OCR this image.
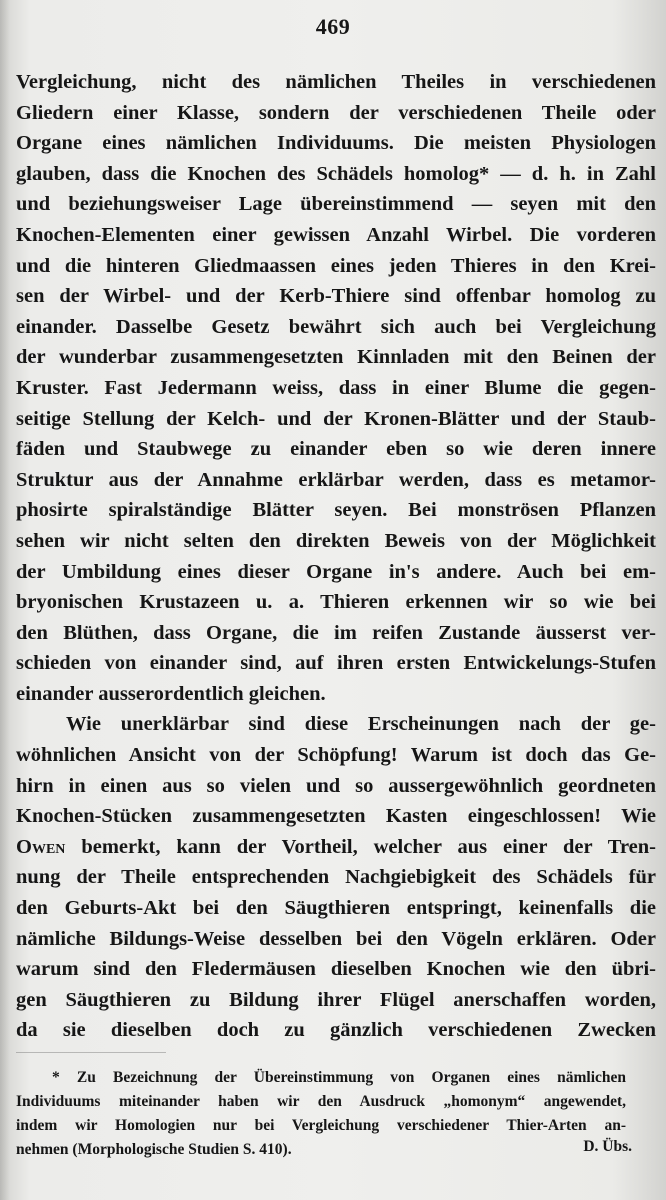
469
Vergleichung, nicht des nämlichen Theiles in verschiedenen
Gliedern einer Klasse, sondern der verschiedenen Theile oder
Organe eines nämlichen Individuums. Die meisten Physiologen
glauben, dass die Knochen des Schädels homolog* — d. h. in Zahl
und beziehungsweiser Lage übereinstimmend — seyen mit den
Knochen-Elementen einer gewissen Anzahl Wirbel. Die vorderen
und die hinteren Gliedmaassen eines jeden Thieres in den Krei-
sen der Wirbel- und der Kerb-Thiere sind offenbar homolog zu
einander. Dasselbe Gesetz bewährt sich auch bei Vergleichung
der wunderbar zusammengesetzten Kinnladen mit den Beinen der
Kruster. Fast Jedermann weiss, dass in einer Blume die gegen-
seitige Stellung der Kelch- und der Kronen-Blätter und der Staub-
fäden und Staubwege zu einander eben so wie deren innere
Struktur aus der Annahme erklärbar werden, dass es metamor-
phosirte spiralständige Blätter seyen. Bei monströsen Pflanzen
sehen wir nicht selten den direkten Beweis von der Möglichkeit
der Umbildung eines dieser Organe in's andere. Auch bei em-
bryonischen Krustazeen u. a. Thieren erkennen wir so wie bei
den Blüthen, dass Organe, die im reifen Zustande äusserst ver-
schieden von einander sind, auf ihren ersten Entwickelungs-Stufen
einander ausserordentlich gleichen.
Wie unerklärbar sind diese Erscheinungen nach der ge-
wöhnlichen Ansicht von der Schöpfung! Warum ist doch das Ge-
hirn in einen aus so vielen und so aussergewöhnlich geordneten
Knochen-Stücken zusammengesetzten Kasten eingeschlossen! Wie
Owen bemerkt, kann der Vortheil, welcher aus einer der Tren-
nung der Theile entsprechenden Nachgiebigkeit des Schädels für
den Geburts-Akt bei den Säugthieren entspringt, keinenfalls die
nämliche Bildungs-Weise desselben bei den Vögeln erklären. Oder
warum sind den Fledermäusen dieselben Knochen wie den übri-
gen Säugthieren zu Bildung ihrer Flügel anerschaffen worden,
da sie dieselben doch zu gänzlich verschiedenen Zwecken
* Zu Bezeichnung der Übereinstimmung von Organen eines nämlichen
Individuums miteinander haben wir den Ausdruck „homonym“ angewendet,
indem wir Homologien nur bei Vergleichung verschiedener Thier-Arten an-
nehmen (Morphologische Studien S. 410).	D. Übs.
